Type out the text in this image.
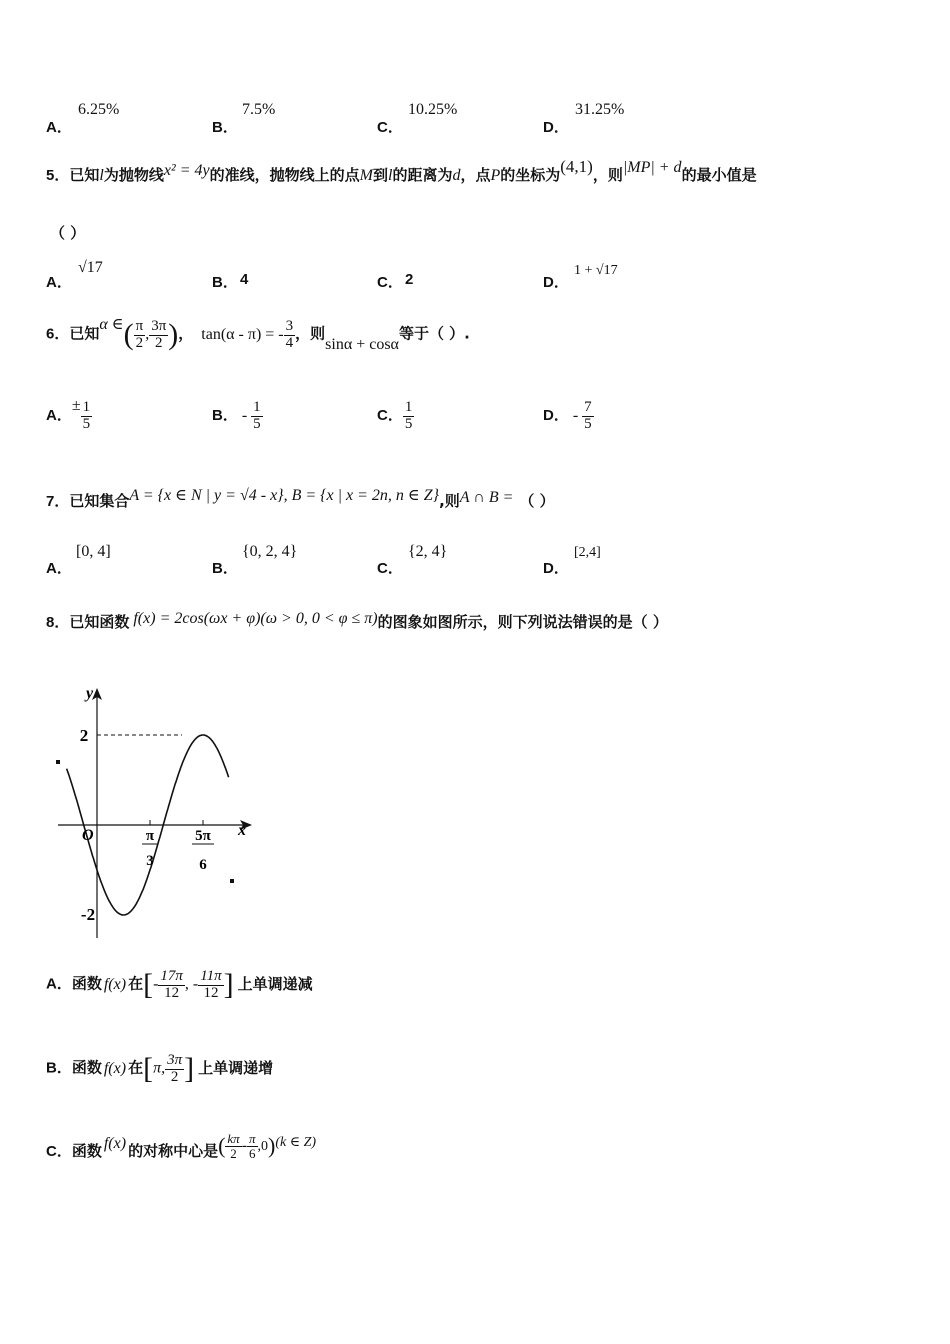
A．
6.25%
B．
7.5%
C．
10.25%
D．
31.25%
5．已知l为抛物线x² = 4y的准线，抛物线上的点M到l的距离为d，点P的坐标为(4,1)，则|MP| + d的最小值是
（ ）
A．
√17
B． 4	C． 2	D．
1 + √17
6．已知α ∈( $\frac{\pi}{2}$ , $\frac{3\pi}{2}$ )， tan(α - π) = - $\frac{3}{4}$ ，则sinα + cosα等于（ ）.
A．± $\frac{1}{5}$	B． - $\frac{1}{5}$	C． $\frac{1}{5}$	D． - $\frac{7}{5}$
7．已知集合A = {x ∈ N | y = √4 - x}, B = {x | x = 2n, n ∈ Z},则A ∩ B = （ ）
A．
[0, 4]
B．
{0, 2, 4}
C．
{2, 4}
D．
[2,4]
8．已知函数 f(x) = 2cos(ωx + φ)(ω > 0, 0 < φ ≤ π)的图象如图所示，则下列说法错误的是（ ）
y
x
O
2
-2
π
3
5π
6
A．函数 f(x) 在[- $\frac{17\pi}{12}$ , - $\frac{11\pi}{12}$ ] 上单调递减
B．函数 f(x) 在[π, $\frac{3\pi}{2}$ ] 上单调递增
C．函数 f(x) 的对称中心是( $\frac{k\pi}{2} - \frac{\pi}{6} ,0)(k$ ∈ Z)
